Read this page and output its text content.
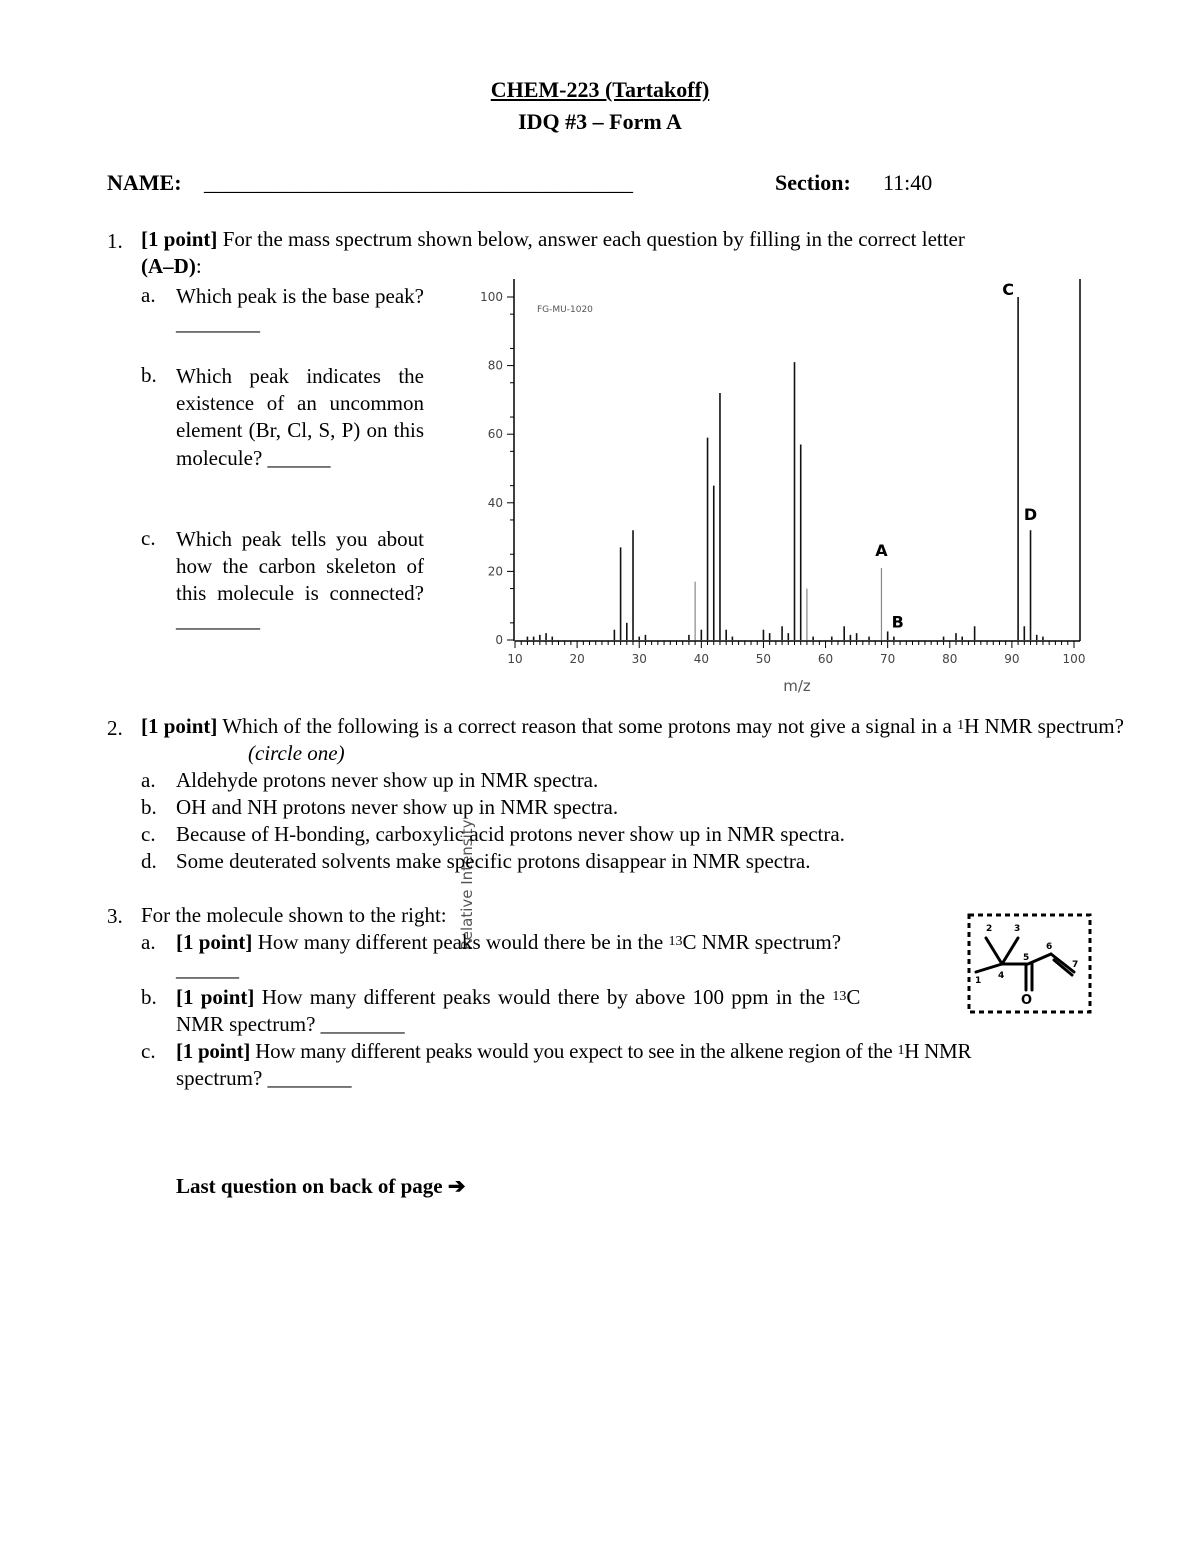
CHEM-223 (Tartakoff)
IDQ #3 – Form A
NAME: _______________________________________	Section: 11:40
1. [1 point] For the mass spectrum shown below, answer each question by filling in the correct letter
(A–D):
a. Which peak is the base peak? ________
b. Which peak indicates the existence of an uncommon element (Br, Cl, S, P) on this molecule? ______
c. Which peak tells you about how the carbon skeleton of this molecule is connected? ________
10	20	30	40	50	60	70	80	90	100
0
20
40
60
80
100
A
B
C
D
FG-MU-1020
Relative Intensity
m/z
2. [1 point] Which of the following is a correct reason that some protons may not give a signal in a $^1$H NMR spectrum?

(circle one)
a. Aldehyde protons never show up in NMR spectra.
b. OH and NH protons never show up in NMR spectra.
c. Because of H-bonding, carboxylic acid protons never show up in NMR spectra.
d. Some deuterated solvents make specific protons disappear in NMR spectra.
3. For the molecule shown to the right:
a. [1 point] How many different peaks would there be in the $^{13}$C NMR spectrum?
______
b. [1 point] How many different peaks would there by above 100 ppm in the $^{13}$C
NMR spectrum? ________
c. [1 point] How many different peaks would you expect to see in the alkene region of the $^1$H NMR
spectrum? ________
2 3
1 4
5
6
7
O
Last question on back of page ➔
